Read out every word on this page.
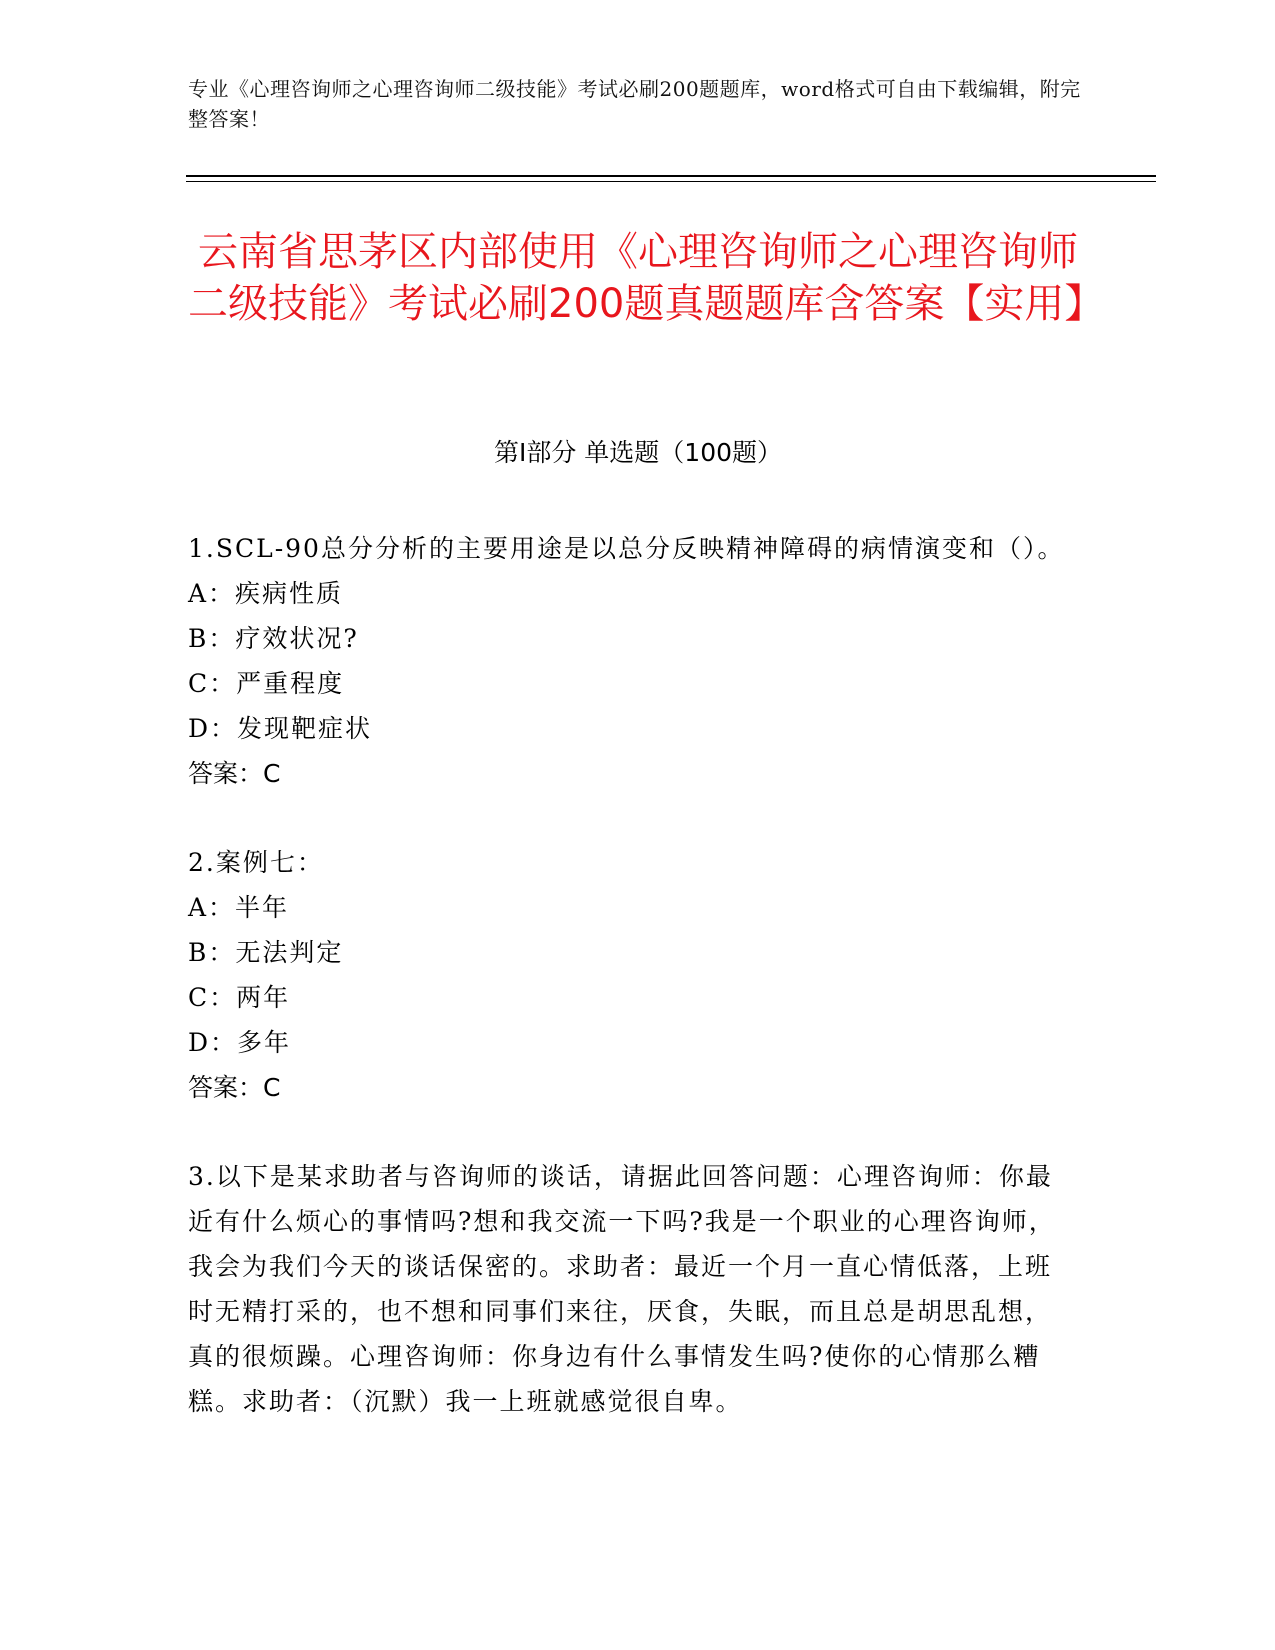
专业《心理咨询师之心理咨询师二级技能》考试必刷200题题库，word格式可自由下载编辑，附完整答案！
云南省思茅区内部使用《心理咨询师之心理咨询师二级技能》考试必刷200题真题题库含答案【实用】
第Ⅰ部分 单选题（100题）

1.SCL-90总分分析的主要用途是以总分反映精神障碍的病情演变和（）。

A：疾病性质

B：疗效状况?

C：严重程度

D：发现靶症状

答案：C

2.案例七：

A：半年

B：无法判定

C：两年

D：多年

答案：C

3.以下是某求助者与咨询师的谈话，请据此回答问题：心理咨询师：你最近有什么烦心的事情吗?想和我交流一下吗?我是一个职业的心理咨询师，我会为我们今天的谈话保密的。求助者：最近一个月一直心情低落，上班时无精打采的，也不想和同事们来往，厌食，失眠，而且总是胡思乱想，真的很烦躁。心理咨询师：你身边有什么事情发生吗?使你的心情那么糟糕。求助者：（沉默）我一上班就感觉很自卑。
